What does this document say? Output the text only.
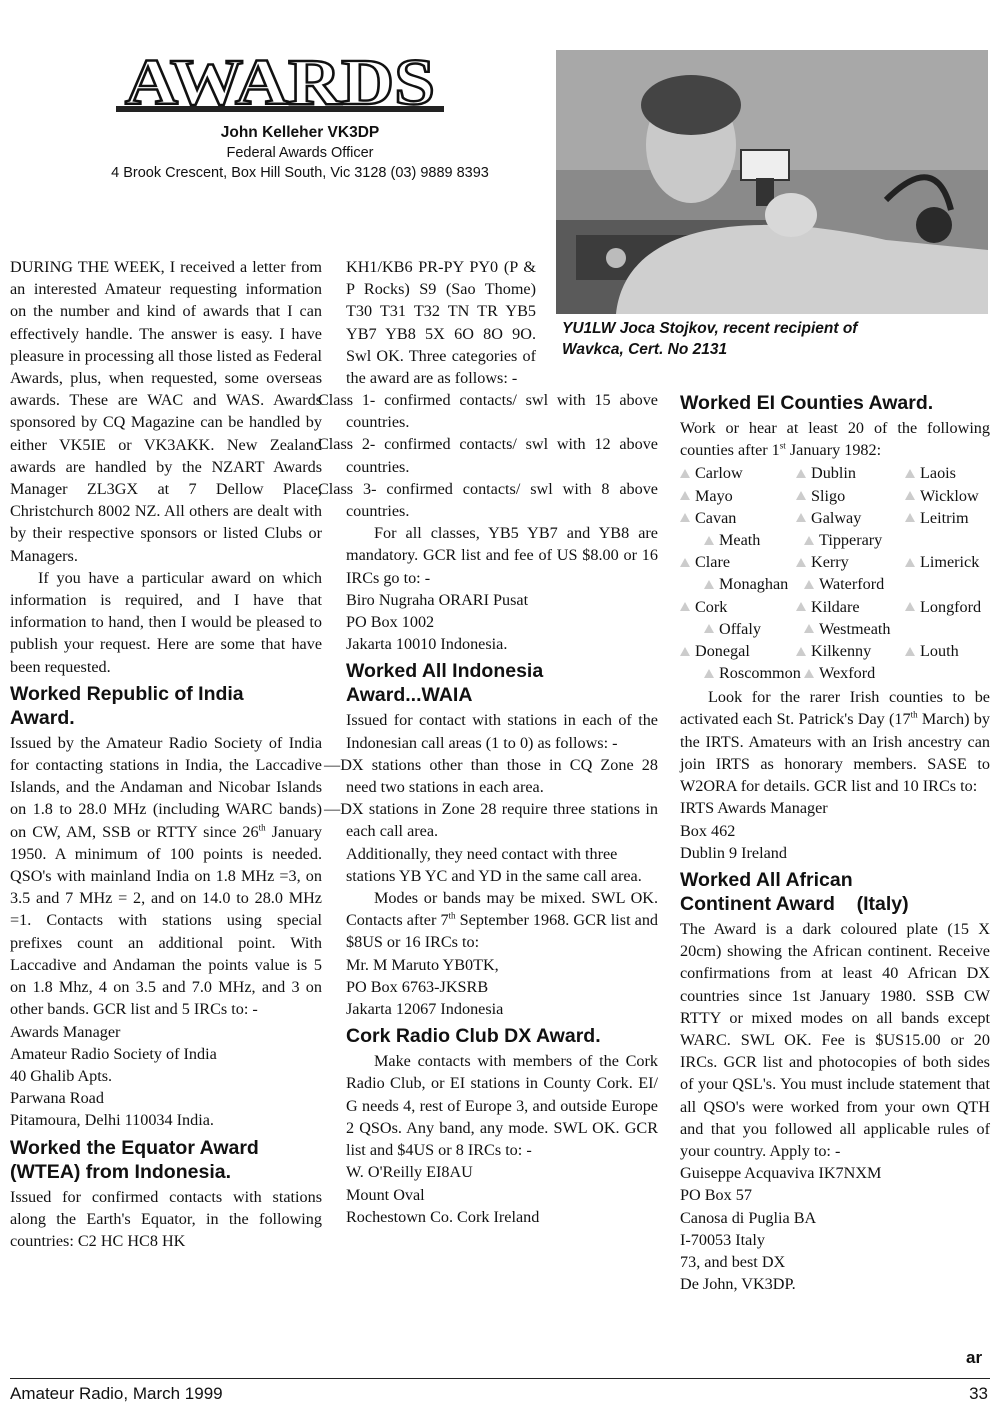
AWARDS
John Kelleher VK3DP
Federal Awards Officer
4 Brook Crescent, Box Hill South, Vic 3128 (03) 9889 8393
YU1LW Joca Stojkov, recent recipient of
Wavkca, Cert. No 2131

DURING THE WEEK, I received a letter from an interested Amateur requesting information on the number and kind of awards that I can effectively handle. The answer is easy. I have pleasure in processing all those listed as Federal Awards, plus, when requested, some overseas awards. These are WAC and WAS. Awards sponsored by CQ Magazine can be handled by either VK5IE or VK3AKK. New Zealand awards are handled by the NZART Awards Manager ZL3GX at 7 Dellow Place, Christchurch 8002 NZ. All others are dealt with by their respective sponsors or listed Clubs or Managers.

If you have a particular award on which information is required, and I have that information to hand, then I would be pleased to publish your request. Here are some that have been requested.

Worked Republic of India
Award.

Issued by the Amateur Radio Society of India for contacting stations in India, the Laccadive Islands, and the Andaman and Nicobar Islands on 1.8 to 28.0 MHz (including WARC bands) on CW, AM, SSB or RTTY since 26th January 1950. A minimum of 100 points is needed. QSO's with mainland India on 1.8 MHz =3, on 3.5 and 7 MHz = 2, and on 14.0 to 28.0 MHz =1. Contacts with stations using special prefixes count an additional point. With Laccadive and Andaman the points value is 5 on 1.8 Mhz, 4 on 3.5 and 7.0 MHz, and 3 on other bands. GCR list and 5 IRCs to: -

Awards Manager

Amateur Radio Society of India

40 Ghalib Apts.

Parwana Road

Pitamoura, Delhi 110034 India.

Worked the Equator Award
(WTEA) from Indonesia.

Issued for confirmed contacts with stations along the Earth's Equator, in the following countries: C2 HC HC8 HK

KH1/KB6 PR-PY PY0 (P & P Rocks) S9 (Sao Thome) T30 T31 T32 TN TR YB5 YB7 YB8 5X 6O 8O 9O. Swl OK. Three categories of the award are as follows: -

Class 1- confirmed contacts/ swl with 15 above countries.

Class 2- confirmed contacts/ swl with 12 above countries.

Class 3- confirmed contacts/ swl with 8 above countries.

For all classes, YB5 YB7 and YB8 are mandatory. GCR list and fee of US $8.00 or 16 IRCs go to: -

Biro Nugraha ORARI Pusat

PO Box 1002

Jakarta 10010 Indonesia.

Worked All Indonesia
Award...WAIA

Issued for contact with stations in each of the Indonesian call areas (1 to 0) as follows: -

—DX stations other than those in CQ Zone 28 need two stations in each area.

—DX stations in Zone 28 require three stations in each call area.

Additionally, they need contact with three stations YB YC and YD in the same call area.

Modes or bands may be mixed. SWL OK. Contacts after 7th September 1968. GCR list and $8US or 16 IRCs to:

Mr. M Maruto YB0TK,

PO Box 6763-JKSRB

Jakarta 12067 Indonesia

Cork Radio Club DX Award.

Make contacts with members of the Cork Radio Club, or EI stations in County Cork. EI/ G needs 4, rest of Europe 3, and outside Europe 2 QSOs. Any band, any mode. SWL OK. GCR list and $4US or 8 IRCs to: -

W. O'Reilly EI8AU

Mount Oval

Rochestown Co. Cork Ireland

Worked EI Counties Award.

Work or hear at least 20 of the following counties after 1st January 1982:

Carlow	Dublin	Laois
Mayo	Sligo	Wicklow
Cavan	Galway	Leitrim
Meath	Tipperary
Clare	Kerry	Limerick
Monaghan Waterford
Cork	Kildare	Longford
Offaly	Westmeath
Donegal	Kilkenny	Louth
Roscommon Wexford

Look for the rarer Irish counties to be activated each St. Patrick's Day (17th March) by the IRTS. Amateurs with an Irish ancestry can join IRTS as honorary members. SASE to W2ORA for details. GCR list and 10 IRCs to:

IRTS Awards Manager

Box 462

Dublin 9 Ireland

Worked All African
Continent Award    (Italy)

The Award is a dark coloured plate (15 X 20cm) showing the African continent. Receive confirmations from at least 40 African DX countries since 1st January 1980. SSB CW RTTY or mixed modes on all bands except WARC. SWL OK. Fee is $US15.00 or 20 IRCs. GCR list and photocopies of both sides of your QSL's. You must include statement that all QSO's were worked from your own QTH and that you followed all applicable rules of your country. Apply to: -

Guiseppe Acquaviva IK7NXM

PO Box 57

Canosa di Puglia BA

I-70053 Italy

73, and best DX

De John, VK3DP.

ar
Amateur Radio, March 1999	33
